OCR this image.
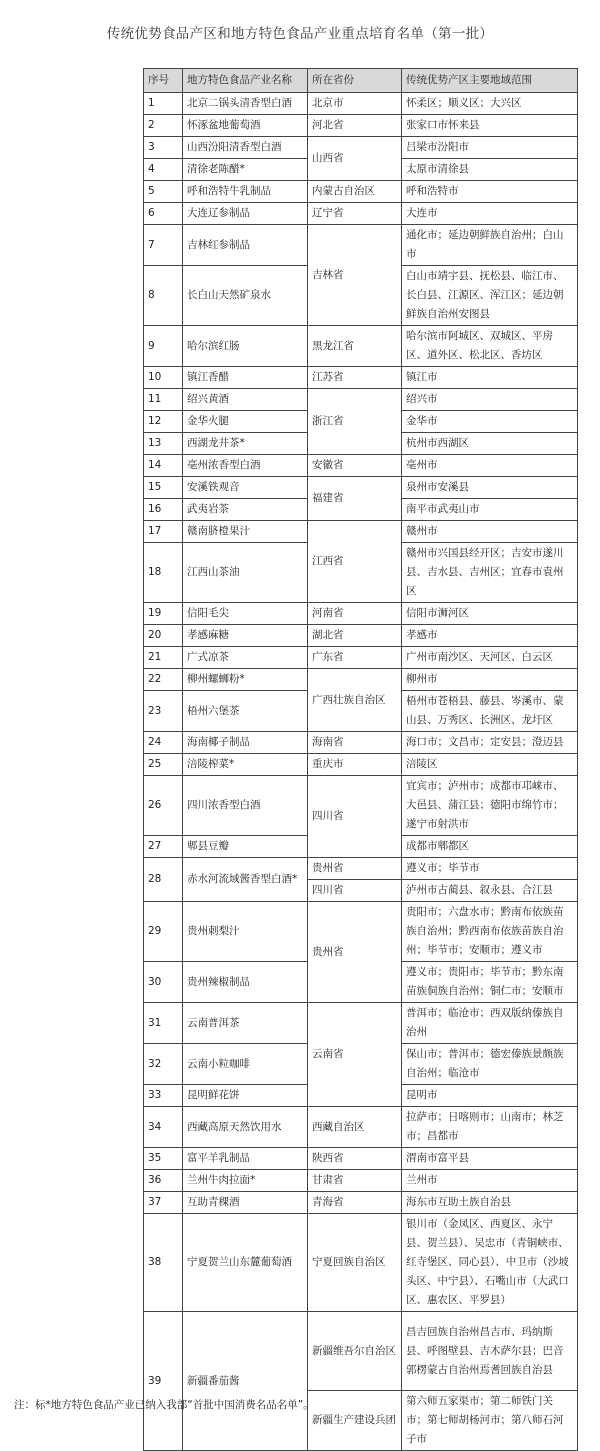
传统优势食品产区和地方特色食品产业重点培育名单（第一批）
序号	地方特色食品产业名称	所在省份	传统优势产区主要地域范围
1	北京二锅头清香型白酒	北京市	怀柔区；顺义区；大兴区
2	怀涿盆地葡萄酒	河北省	张家口市怀来县
3	山西汾阳清香型白酒	山西省	吕梁市汾阳市
4	清徐老陈醋*		太原市清徐县
5	呼和浩特牛乳制品	内蒙古自治区	呼和浩特市
6	大连辽参制品	辽宁省	大连市
7	吉林红参制品	吉林省	通化市；延边朝鲜族自治州；白山市
8	长白山天然矿泉水		白山市靖宇县、抚松县、临江市、长白县、江源区、浑江区；延边朝鲜族自治州安图县
9	哈尔滨红肠	黑龙江省	哈尔滨市阿城区、双城区、平房区、道外区、松北区、香坊区
10	镇江香醋	江苏省	镇江市
11	绍兴黄酒	浙江省	绍兴市
12	金华火腿		金华市
13	西湖龙井茶*		杭州市西湖区
14	亳州浓香型白酒	安徽省	亳州市
15	安溪铁观音	福建省	泉州市安溪县
16	武夷岩茶		南平市武夷山市
17	赣南脐橙果汁	江西省	赣州市
18	江西山茶油		赣州市兴国县经开区；吉安市遂川县、吉水县、吉州区；宜春市袁州区
19	信阳毛尖	河南省	信阳市浉河区
20	孝感麻糖	湖北省	孝感市
21	广式凉茶	广东省	广州市南沙区、天河区、白云区
22	柳州螺蛳粉*	广西壮族自治区	柳州市
23	梧州六堡茶		梧州市苍梧县、藤县、岑溪市、蒙山县、万秀区、长洲区、龙圩区
24	海南椰子制品	海南省	海口市；文昌市；定安县；澄迈县
25	涪陵榨菜*	重庆市	涪陵区
26	四川浓香型白酒	四川省	宜宾市；泸州市；成都市邛崃市、大邑县、蒲江县；德阳市绵竹市；遂宁市射洪市
27	郫县豆瓣		成都市郫都区
28	赤水河流域酱香型白酒*	贵州省	遵义市；毕节市
		四川省	泸州市古蔺县、叙永县、合江县
29	贵州刺梨汁	贵州省	贵阳市；六盘水市；黔南布依族苗族自治州；黔西南布依族苗族自治州；毕节市；安顺市；遵义市
30	贵州辣椒制品		遵义市；贵阳市；毕节市；黔东南苗族侗族自治州；铜仁市；安顺市
31	云南普洱茶	云南省	普洱市；临沧市；西双版纳傣族自治州
32	云南小粒咖啡		保山市；普洱市；德宏傣族景颇族自治州；临沧市
33	昆明鲜花饼		昆明市
34	西藏高原天然饮用水	西藏自治区	拉萨市；日喀则市；山南市；林芝市；昌都市
35	富平羊乳制品	陕西省	渭南市富平县
36	兰州牛肉拉面*	甘肃省	兰州市
37	互助青稞酒	青海省	海东市互助土族自治县
38	宁夏贺兰山东麓葡萄酒	宁夏回族自治区	银川市（金凤区、西夏区、永宁县、贺兰县）、吴忠市（青铜峡市、红寺堡区、同心县）、中卫市（沙坡头区、中宁县）、石嘴山市（大武口区、惠农区、平罗县）
39	新疆番茄酱	新疆维吾尔自治区	昌吉回族自治州昌吉市、玛纳斯县、呼图壁县、吉木萨尔县；巴音郭楞蒙古自治州焉耆回族自治县
		新疆生产建设兵团	第六师五家渠市；第二师铁门关市；第七师胡杨河市；第八师石河子市
注：标*地方特色食品产业已纳入我部“首批中国消费名品名单”。
